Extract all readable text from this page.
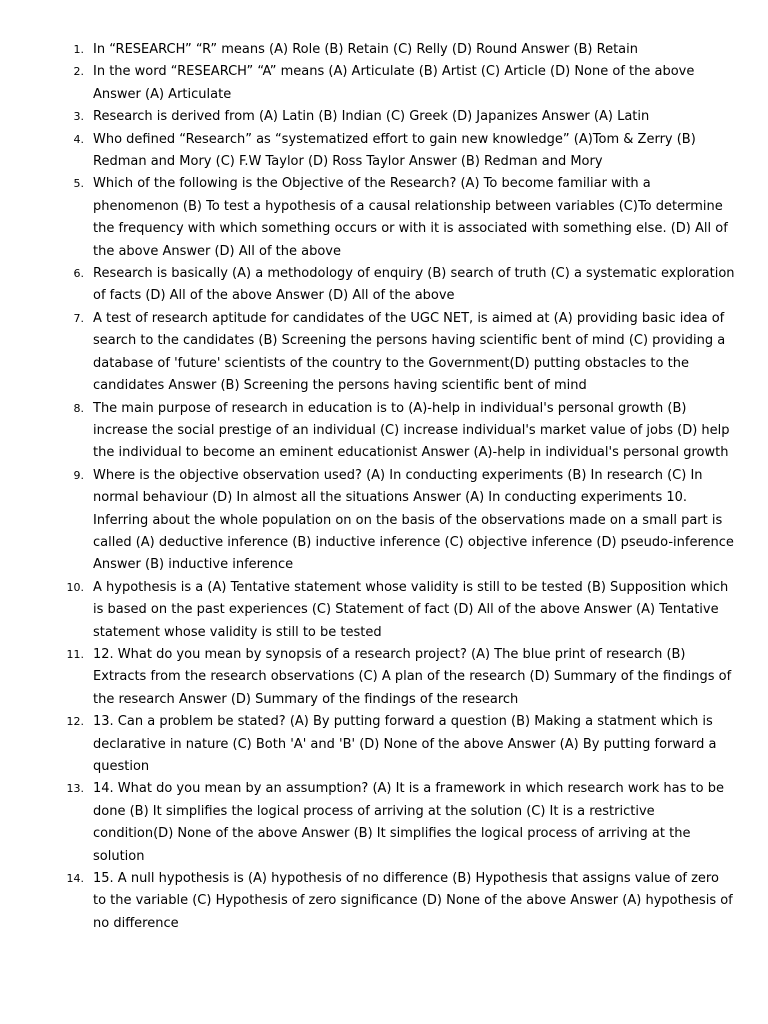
1. In “RESEARCH” “R” means (A) Role (B) Retain (C) Relly (D) Round Answer (B) Retain
2. In the word “RESEARCH” “A” means (A) Articulate (B) Artist (C) Article (D) None of the above Answer (A) Articulate
3. Research is derived from (A) Latin (B) Indian (C) Greek (D) Japanizes Answer (A) Latin
4. Who defined “Research” as “systematized effort to gain new knowledge” (A)Tom & Zerry (B) Redman and Mory (C) F.W Taylor (D) Ross Taylor Answer (B) Redman and Mory
5. Which of the following is the Objective of the Research? (A) To become familiar with a phenomenon (B) To test a hypothesis of a causal relationship between variables (C)To determine the frequency with which something occurs or with it is associated with something else. (D) All of the above Answer (D) All of the above
6. Research is basically (A) a methodology of enquiry (B) search of truth (C) a systematic exploration of facts (D) All of the above Answer (D) All of the above
7. A test of research aptitude for candidates of the UGC NET, is aimed at (A) providing basic idea of search to the candidates (B) Screening the persons having scientific bent of mind (C) providing a database of 'future' scientists of the country to the Government(D) putting obstacles to the candidates Answer (B) Screening the persons having scientific bent of mind
8. The main purpose of research in education is to (A)-help in individual's personal growth (B) increase the social prestige of an individual (C) increase individual's market value of jobs (D) help the individual to become an eminent educationist Answer (A)-help in individual's personal growth
9. Where is the objective observation used? (A) In conducting experiments (B) In research (C) In normal behaviour (D) In almost all the situations Answer (A) In conducting experiments 10. Inferring about the whole population on on the basis of the observations made on a small part is called (A) deductive inference (B) inductive inference (C) objective inference (D) pseudo-inference Answer (B) inductive inference
10. A hypothesis is a (A) Tentative statement whose validity is still to be tested (B) Supposition which is based on the past experiences (C) Statement of fact (D) All of the above Answer (A) Tentative statement whose validity is still to be tested
11. 12. What do you mean by synopsis of a research project? (A) The blue print of research (B) Extracts from the research observations (C) A plan of the research (D) Summary of the findings of the research Answer (D) Summary of the findings of the research
12. 13. Can a problem be stated? (A) By putting forward a question (B) Making a statment which is declarative in nature (C) Both 'A' and 'B' (D) None of the above Answer (A) By putting forward a question
13. 14. What do you mean by an assumption? (A) It is a framework in which research work has to be done (B) It simplifies the logical process of arriving at the solution (C) It is a restrictive condition(D) None of the above Answer (B) It simplifies the logical process of arriving at the solution
14. 15. A null hypothesis is (A) hypothesis of no difference (B) Hypothesis that assigns value of zero to the variable (C) Hypothesis of zero significance (D) None of the above Answer (A) hypothesis of no difference
